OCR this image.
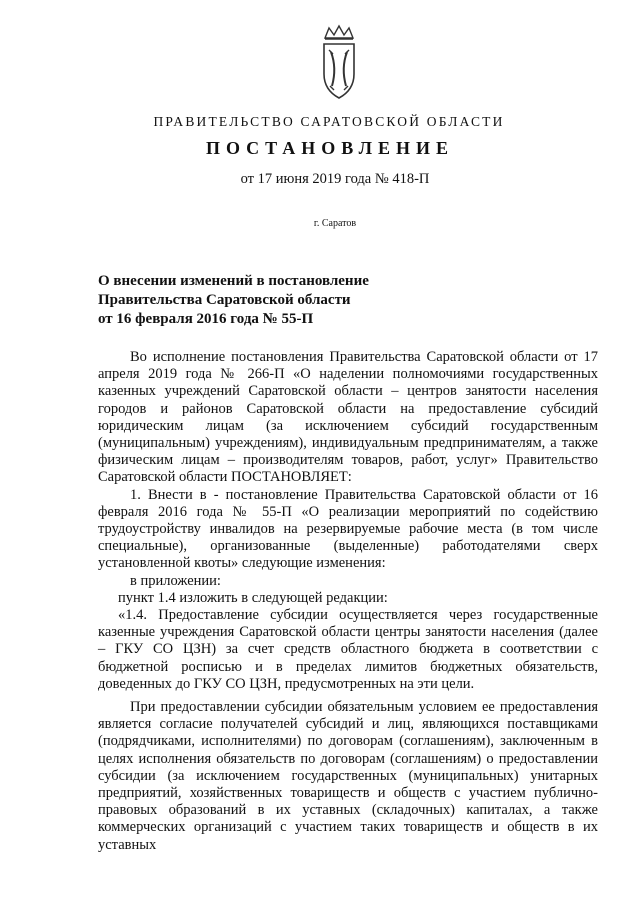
ПРАВИТЕЛЬСТВО САРАТОВСКОЙ ОБЛАСТИ
ПОСТАНОВЛЕНИЕ
от 17 июня 2019 года № 418-П
г. Саратов
О внесении изменений в постановление
Правительства Саратовской области
от 16 февраля 2016 года № 55-П

Во исполнение постановления Правительства Саратовской области от 17 апреля 2019 года № 266-П «О наделении полномочиями государственных казенных учреждений Саратовской области – центров занятости населения городов и районов Саратовской области на предоставление субсидий юридическим лицам (за исключением субсидий государственным (муниципальным) учреждениям), индивидуальным предпринимателям, а также физическим лицам – производителям товаров, работ, услуг» Правительство Саратовской области ПОСТАНОВЛЯЕТ:

1. Внести в ‑ постановление Правительства Саратовской области от 16 февраля 2016 года № 55-П «О реализации мероприятий по содействию трудоустройству инвалидов на резервируемые рабочие места (в том числе специальные), организованные (выделенные) работодателями сверх установленной квоты» следующие изменения:

в приложении:

пункт 1.4 изложить в следующей редакции:

«1.4. Предоставление субсидии осуществляется через государственные казенные учреждения Саратовской области центры занятости населения (далее – ГКУ СО ЦЗН) за счет средств областного бюджета в соответствии с бюджетной росписью и в пределах лимитов бюджетных обязательств, доведенных до ГКУ СО ЦЗН, предусмотренных на эти цели.

При предоставлении субсидии обязательным условием ее предоставления является согласие получателей субсидий и лиц, являющихся поставщиками (подрядчиками, исполнителями) по договорам (соглашениям), заключенным в целях исполнения обязательств по договорам (соглашениям) о предоставлении субсидии (за исключением государственных (муниципальных) унитарных предприятий, хозяйственных товариществ и обществ с участием публично-правовых образований в их уставных (складочных) капиталах, а также коммерческих организаций с участием таких товариществ и обществ в их уставных
